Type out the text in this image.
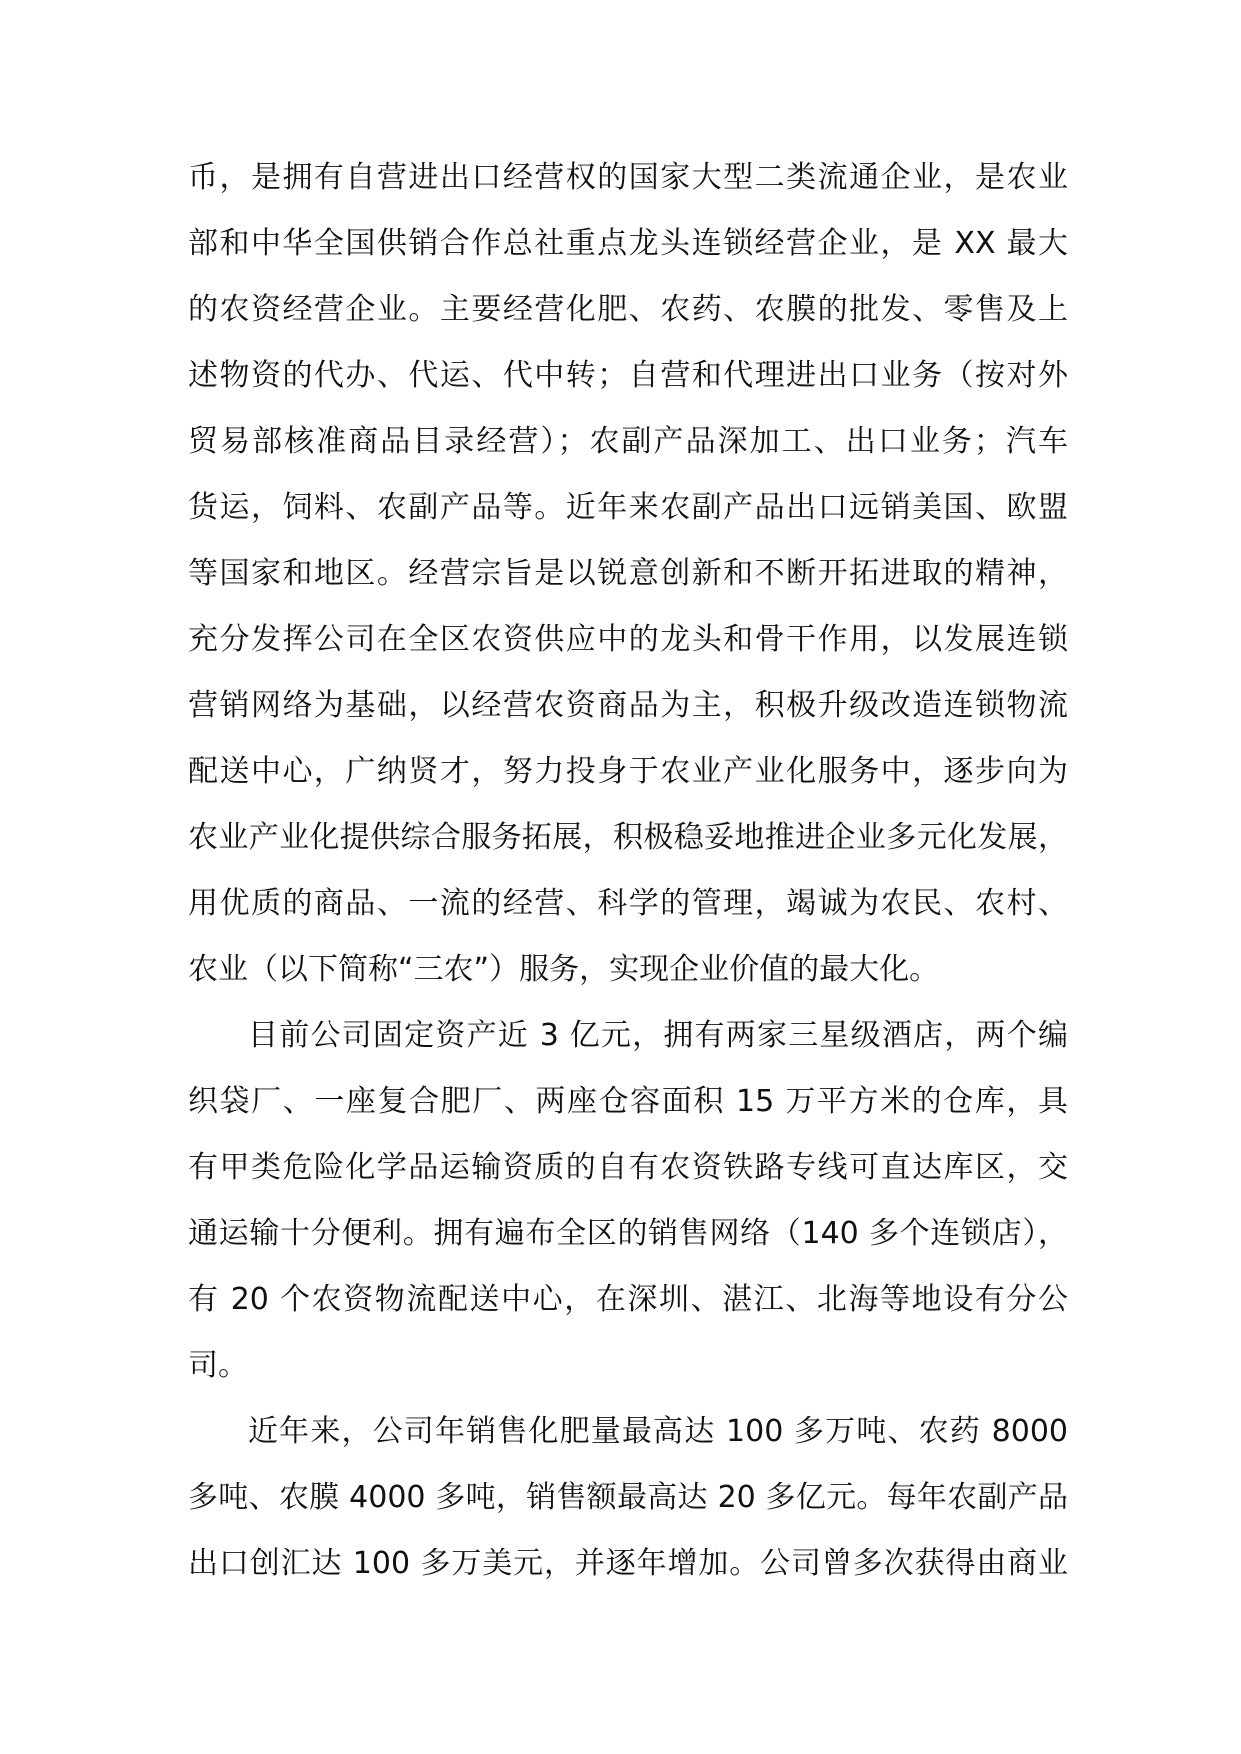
币，是拥有自营进出口经营权的国家大型二类流通企业，是农业
部和中华全国供销合作总社重点龙头连锁经营企业，是 XX 最大
的农资经营企业。主要经营化肥、农药、农膜的批发、零售及上
述物资的代办、代运、代中转；自营和代理进出口业务（按对外
贸易部核准商品目录经营）；农副产品深加工、出口业务；汽车
货运，饲料、农副产品等。近年来农副产品出口远销美国、欧盟
等国家和地区。经营宗旨是以锐意创新和不断开拓进取的精神，
充分发挥公司在全区农资供应中的龙头和骨干作用，以发展连锁
营销网络为基础，以经营农资商品为主，积极升级改造连锁物流
配送中心，广纳贤才，努力投身于农业产业化服务中，逐步向为
农业产业化提供综合服务拓展，积极稳妥地推进企业多元化发展，
用优质的商品、一流的经营、科学的管理，竭诚为农民、农村、
农业（以下简称“三农”）服务，实现企业价值的最大化。
目前公司固定资产近 3 亿元，拥有两家三星级酒店，两个编
织袋厂、一座复合肥厂、两座仓容面积 15 万平方米的仓库，具
有甲类危险化学品运输资质的自有农资铁路专线可直达库区，交
通运输十分便利。拥有遍布全区的销售网络（140 多个连锁店），
有 20 个农资物流配送中心，在深圳、湛江、北海等地设有分公
司。
近年来，公司年销售化肥量最高达 100 多万吨、农药 8000
多吨、农膜 4000 多吨，销售额最高达 20 多亿元。每年农副产品
出口创汇达 100 多万美元，并逐年增加。公司曾多次获得由商业
